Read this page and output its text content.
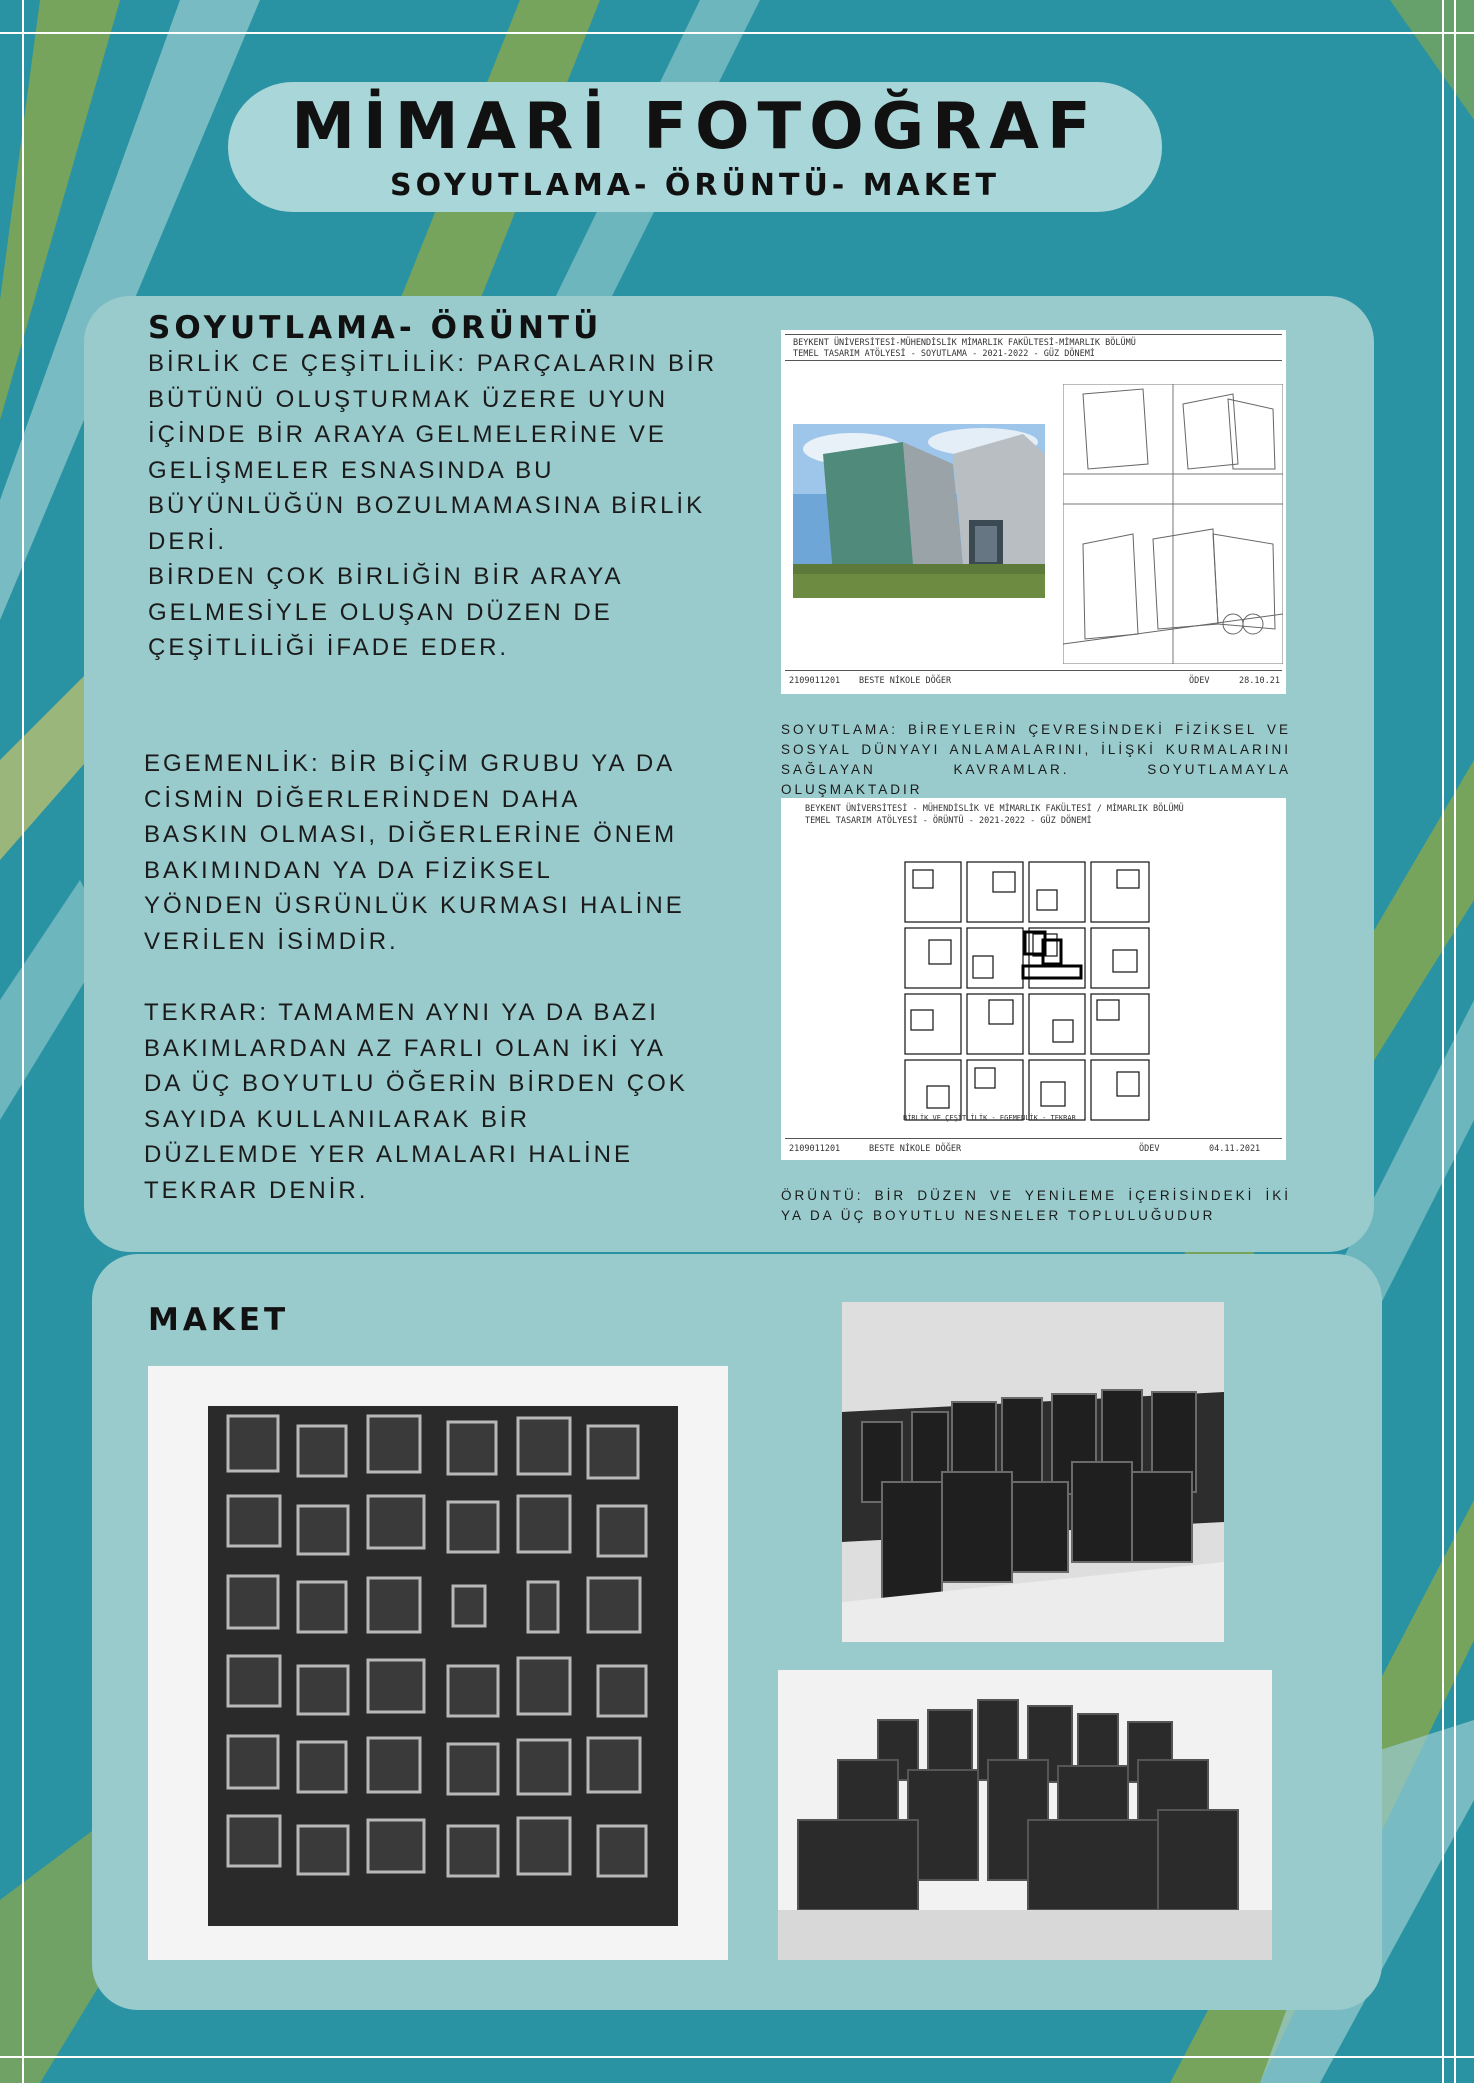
MİMARİ FOTOĞRAF
SOYUTLAMA- ÖRÜNTÜ- MAKET
SOYUTLAMA- ÖRÜNTÜ

BİRLİK CE ÇEŞİTLİLİK: PARÇALARIN BİR
BÜTÜNÜ OLUŞTURMAK ÜZERE UYUN
İÇİNDE BİR ARAYA GELMELERİNE VE
GELİŞMELER ESNASINDA BU
BÜYÜNLÜĞÜN BOZULMAMASINA BİRLİK
DERİ.
BİRDEN ÇOK BİRLİĞİN BİR ARAYA
GELMESİYLE OLUŞAN DÜZEN DE
ÇEŞİTLİLİĞİ İFADE EDER.

EGEMENLİK: BİR BİÇİM GRUBU YA DA
CİSMİN DİĞERLERİNDEN DAHA
BASKIN OLMASI, DİĞERLERİNE ÖNEM
BAKIMINDAN YA DA FİZİKSEL
YÖNDEN ÜSRÜNLÜK KURMASI HALİNE
VERİLEN İSİMDİR.

TEKRAR: TAMAMEN AYNI YA DA BAZI
BAKIMLARDAN AZ FARLI OLAN İKİ YA
DA ÜÇ BOYUTLU ÖĞERİN BİRDEN ÇOK
SAYIDA KULLANILARAK BİR
DÜZLEMDE YER ALMALARI HALİNE
TEKRAR DENİR.

BEYKENT ÜNİVERSİTESİ-MÜHENDİSLİK MİMARLIK FAKÜLTESİ-MİMARLIK BÖLÜMÜ
TEMEL TASARIM ATÖLYESİ - SOYUTLAMA - 2021-2022 - GÜZ DÖNEMİ
2109011201 BESTE NİKOLE DÖĞER	ÖDEV	28.10.21

SOYUTLAMA: BİREYLERİN ÇEVRESİNDEKİ FİZİKSEL VE SOSYAL DÜNYAYI ANLAMALARINI, İLİŞKİ KURMALARINI SAĞLAYAN KAVRAMLAR. SOYUTLAMAYLA OLUŞMAKTADIR

BEYKENT ÜNİVERSİTESİ - MÜHENDİSLİK VE MİMARLIK FAKÜLTESİ / MİMARLIK BÖLÜMÜ
TEMEL TASARIM ATÖLYESİ - ÖRÜNTÜ - 2021-2022 - GÜZ DÖNEMİ
BİRLİK VE ÇEŞİTLİLİK - EGEMENLİK - TEKRAR
2109011201	BESTE NİKOLE DÖĞER	ÖDEV	04.11.2021

ÖRÜNTÜ: BİR DÜZEN VE YENİLEME İÇERİSİNDEKİ İKİ YA DA ÜÇ BOYUTLU NESNELER TOPLULUĞUDUR

MAKET
